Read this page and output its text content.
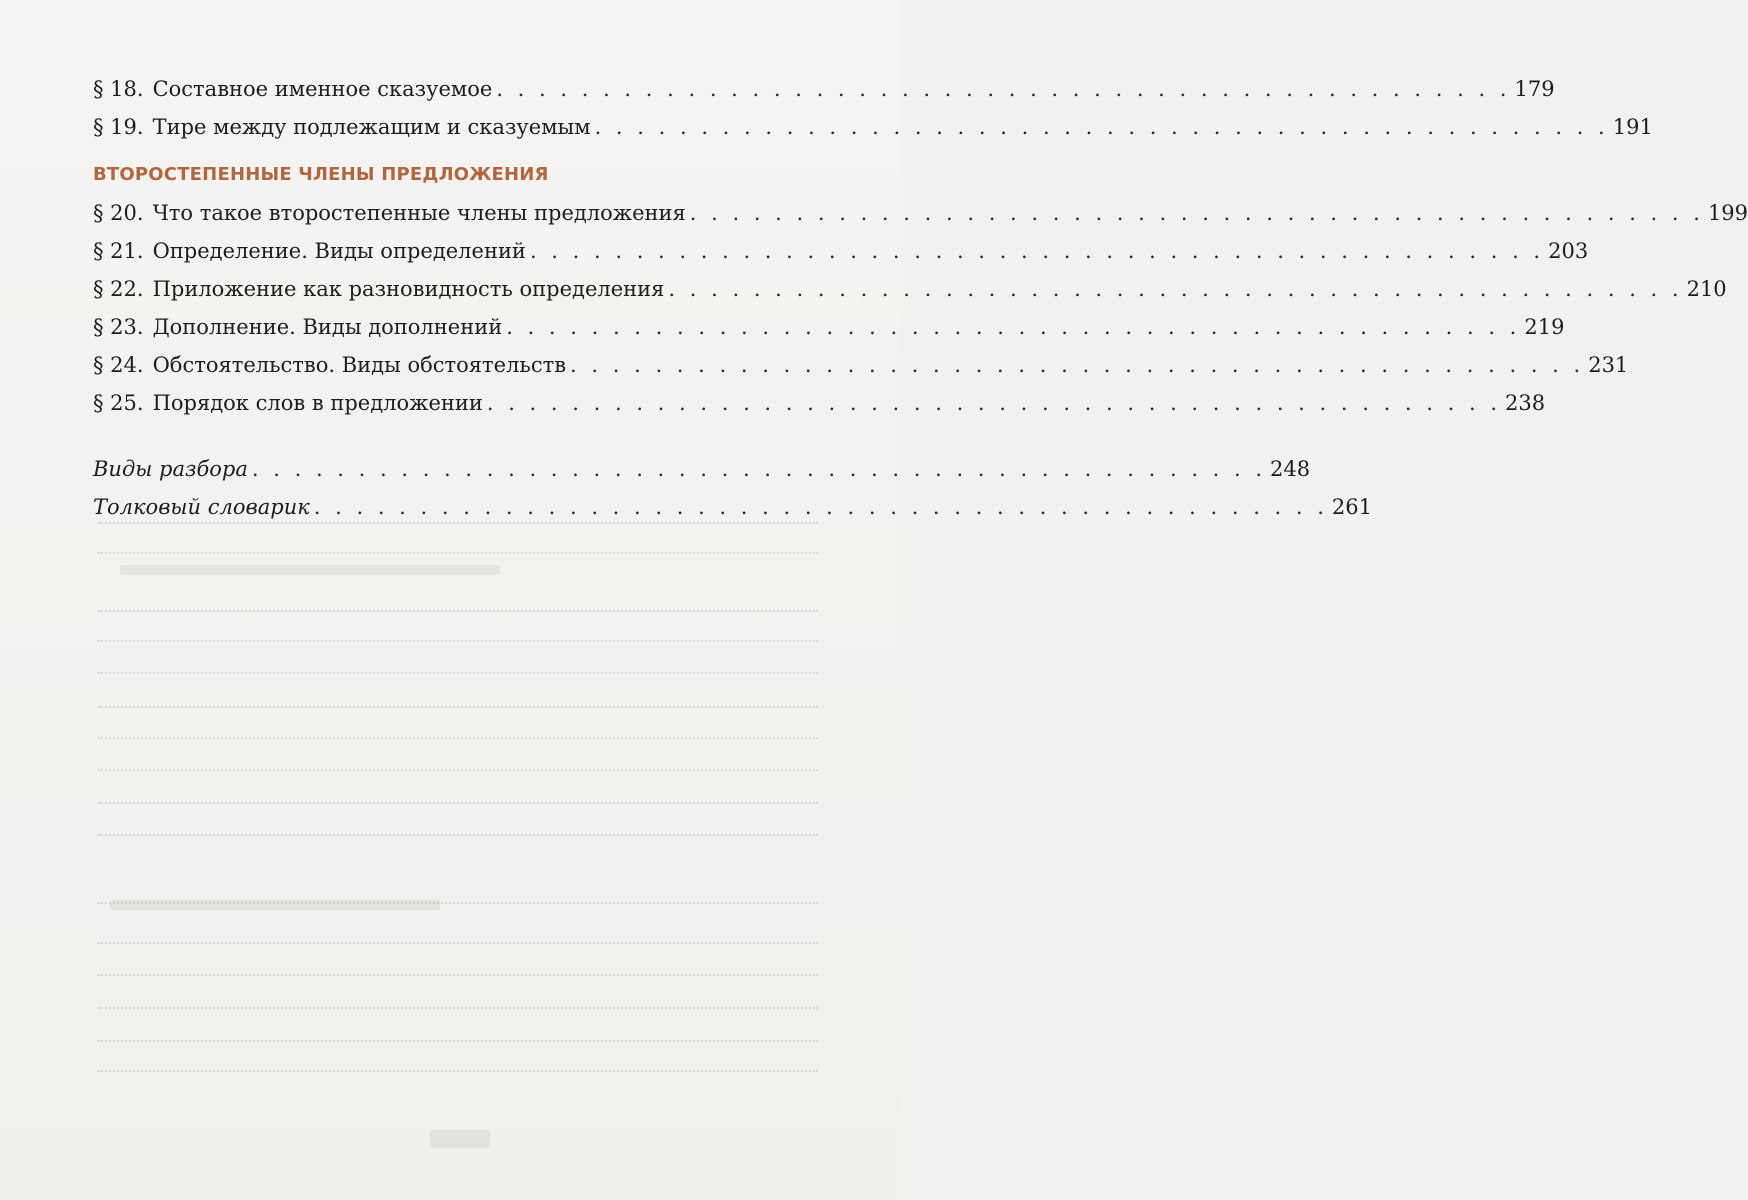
§ 18. Составное именное сказуемое . . . . . . . . . . . . . . . . . . . . . . . . . . . . . . . . . . . . . . . . . . . . . . . . 179
§ 19. Тире между подлежащим и сказуемым . . . . . . . . . . . . . . . . . . . . . . . . . . . . . . . . . . . . . . . . . . . . . . . . 191
ВТОРОСТЕПЕННЫЕ ЧЛЕНЫ ПРЕДЛОЖЕНИЯ
§ 20. Что такое второстепенные члены предложения . . . . . . . . . . . . . . . . . . . . . . . . . . . . . . . . . . . . . . . . . . . . . . . . 199
§ 21. Определение. Виды определений . . . . . . . . . . . . . . . . . . . . . . . . . . . . . . . . . . . . . . . . . . . . . . . . 203
§ 22. Приложение как разновидность определения . . . . . . . . . . . . . . . . . . . . . . . . . . . . . . . . . . . . . . . . . . . . . . . . 210
§ 23. Дополнение. Виды дополнений . . . . . . . . . . . . . . . . . . . . . . . . . . . . . . . . . . . . . . . . . . . . . . . . 219
§ 24. Обстоятельство. Виды обстоятельств . . . . . . . . . . . . . . . . . . . . . . . . . . . . . . . . . . . . . . . . . . . . . . . . 231
§ 25. Порядок слов в предложении . . . . . . . . . . . . . . . . . . . . . . . . . . . . . . . . . . . . . . . . . . . . . . . . 238
Виды разбора . . . . . . . . . . . . . . . . . . . . . . . . . . . . . . . . . . . . . . . . . . . . . . . . 248
Толковый словарик . . . . . . . . . . . . . . . . . . . . . . . . . . . . . . . . . . . . . . . . . . . . . . . . 261
